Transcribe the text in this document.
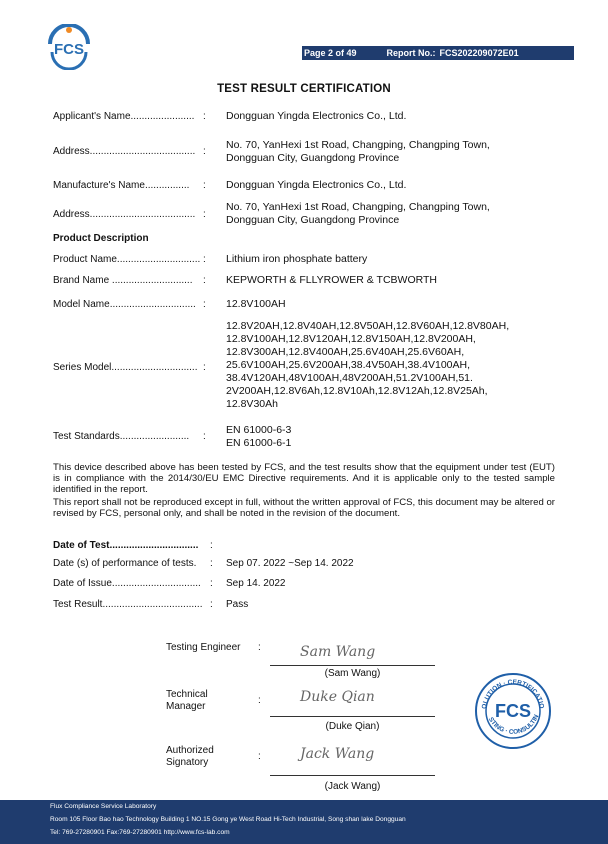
FCS	Page 2 of 49	Report No.: FCS202209072E01
TEST RESULT CERTIFICATION
Applicant's Name....................... : Dongguan Yingda Electronics Co., Ltd.
Address...................................... :
No. 70, YanHexi 1st Road, Changping, Changping Town,
Dongguan City, Guangdong Province
Manufacture's Name................ : Dongguan Yingda Electronics Co., Ltd.
Address...................................... :
No. 70, YanHexi 1st Road, Changping, Changping Town,
Dongguan City, Guangdong Province
Product Description
Product Name.............................. : Lithium iron phosphate battery
Brand Name ............................. : KEPWORTH & FLLYROWER & TCBWORTH
Model Name............................... : 12.8V100AH
Series Model............................... :
12.8V20AH,12.8V40AH,12.8V50AH,12.8V60AH,12.8V80AH,
12.8V100AH,12.8V120AH,12.8V150AH,12.8V200AH,
12.8V300AH,12.8V400AH,25.6V40AH,25.6V60AH,
25.6V100AH,25.6V200AH,38.4V50AH,38.4V100AH,
38.4V120AH,48V100AH,48V200AH,51.2V100AH,51.
2V200AH,12.8V6Ah,12.8V10Ah,12.8V12Ah,12.8V25Ah,
12.8V30Ah
Test Standards......................... :
EN 61000-6-3
EN 61000-6-1
This device described above has been tested by FCS, and the test results show that the equipment under test (EUT) is in compliance with the 2014/30/EU EMC Directive requirements. And it is applicable only to the tested sample identified in the report.
This report shall not be reproduced except in full, without the written approval of FCS, this document may be altered or revised by FCS, personal only, and shall be noted in the revision of the document.
Date of Test................................ :
Date (s) of performance of tests. : Sep 07. 2022 ~Sep 14. 2022
Date of Issue................................ : Sep 14. 2022
Test Result.................................... : Pass
Testing Engineer :	Sam Wang
(Sam Wang)
Technical
Manager
:	Duke Qian
(Duke Qian)
Authorized
Signatory
:	Jack Wang
(Jack Wang)
OLUTION · CERTIFICATIO
STING · CONSULTIN
FCS
Flux Compliance Service Laboratory
Room 105 Floor Bao hao Technology Building 1 NO.15 Gong ye West Road Hi-Tech Industrial, Song shan lake Dongguan
Tel: 769-27280901 Fax:769-27280901 http://www.fcs-lab.com
